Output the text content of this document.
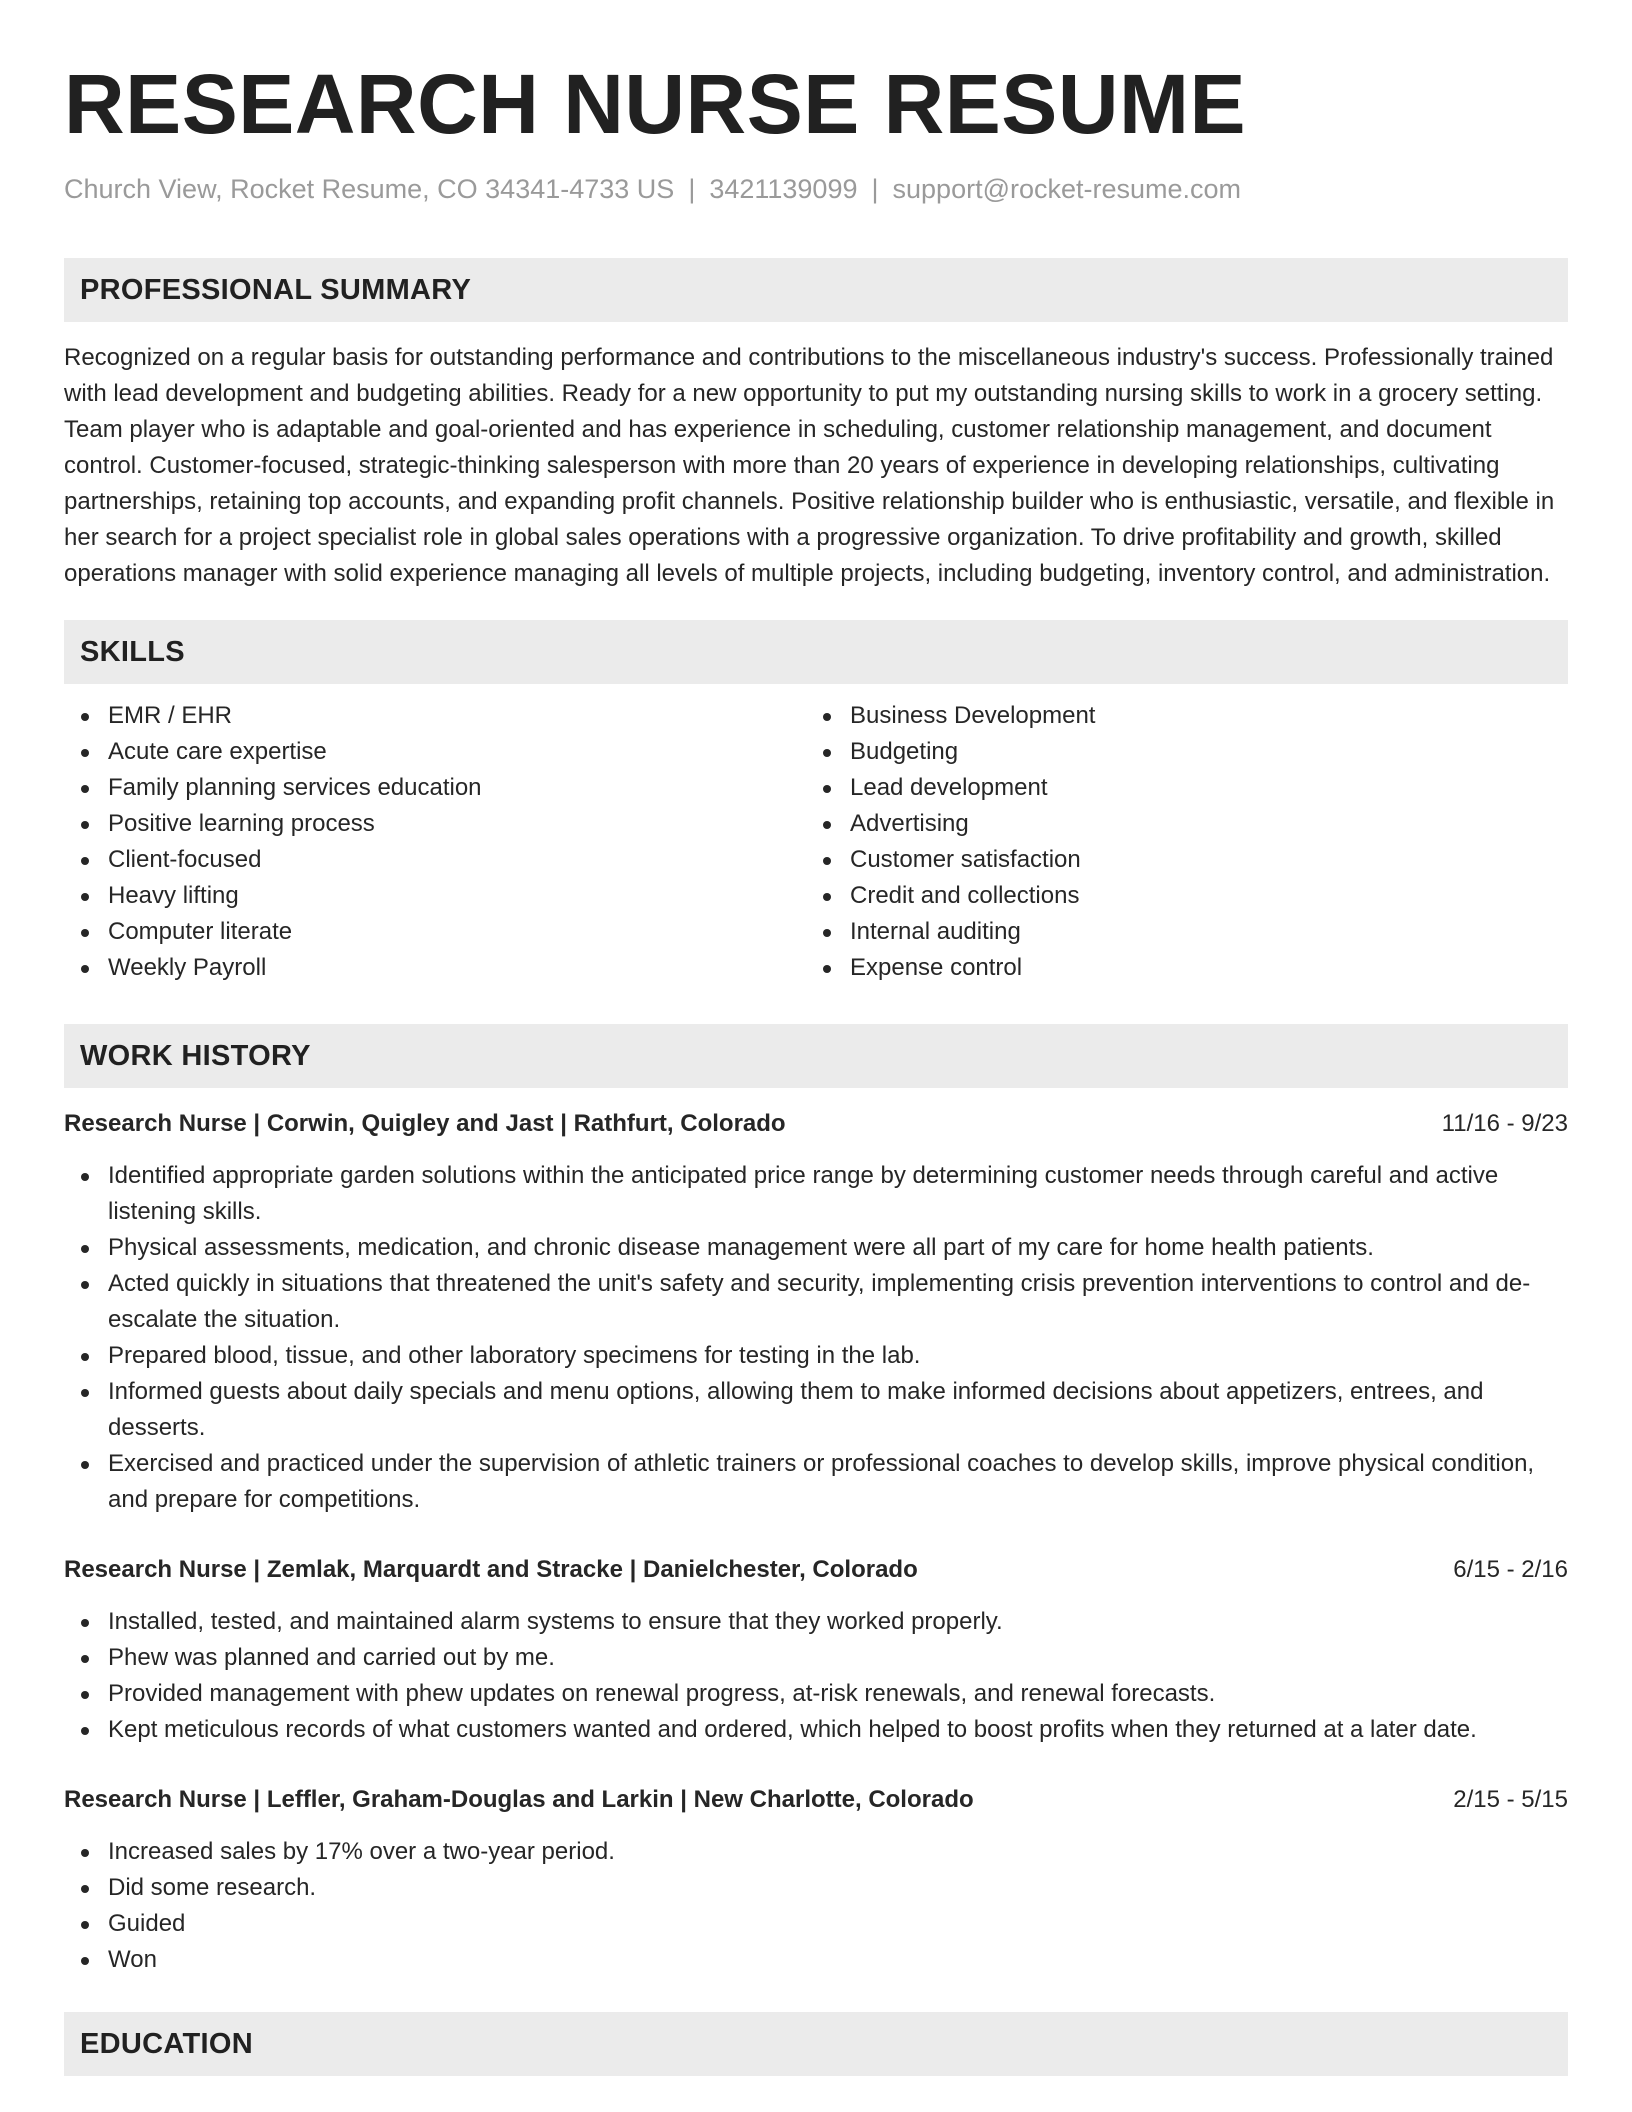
RESEARCH NURSE RESUME
Church View, Rocket Resume, CO 34341-4733 US | 3421139099 | support@rocket-resume.com
PROFESSIONAL SUMMARY
Recognized on a regular basis for outstanding performance and contributions to the miscellaneous industry's success. Professionally trained with lead development and budgeting abilities. Ready for a new opportunity to put my outstanding nursing skills to work in a grocery setting. Team player who is adaptable and goal-oriented and has experience in scheduling, customer relationship management, and document control. Customer-focused, strategic-thinking salesperson with more than 20 years of experience in developing relationships, cultivating partnerships, retaining top accounts, and expanding profit channels. Positive relationship builder who is enthusiastic, versatile, and flexible in her search for a project specialist role in global sales operations with a progressive organization. To drive profitability and growth, skilled operations manager with solid experience managing all levels of multiple projects, including budgeting, inventory control, and administration.
SKILLS
EMR / EHR
Acute care expertise
Family planning services education
Positive learning process
Client-focused
Heavy lifting
Computer literate
Weekly Payroll
Business Development
Budgeting
Lead development
Advertising
Customer satisfaction
Credit and collections
Internal auditing
Expense control
WORK HISTORY
Research Nurse | Corwin, Quigley and Jast | Rathfurt, Colorado	11/16 - 9/23
Identified appropriate garden solutions within the anticipated price range by determining customer needs through careful and active listening skills.
Physical assessments, medication, and chronic disease management were all part of my care for home health patients.
Acted quickly in situations that threatened the unit's safety and security, implementing crisis prevention interventions to control and de-escalate the situation.
Prepared blood, tissue, and other laboratory specimens for testing in the lab.
Informed guests about daily specials and menu options, allowing them to make informed decisions about appetizers, entrees, and desserts.
Exercised and practiced under the supervision of athletic trainers or professional coaches to develop skills, improve physical condition, and prepare for competitions.
Research Nurse | Zemlak, Marquardt and Stracke | Danielchester, Colorado	6/15 - 2/16
Installed, tested, and maintained alarm systems to ensure that they worked properly.
Phew was planned and carried out by me.
Provided management with phew updates on renewal progress, at-risk renewals, and renewal forecasts.
Kept meticulous records of what customers wanted and ordered, which helped to boost profits when they returned at a later date.
Research Nurse | Leffler, Graham-Douglas and Larkin | New Charlotte, Colorado	2/15 - 5/15
Increased sales by 17% over a two-year period.
Did some research.
Guided
Won
EDUCATION
